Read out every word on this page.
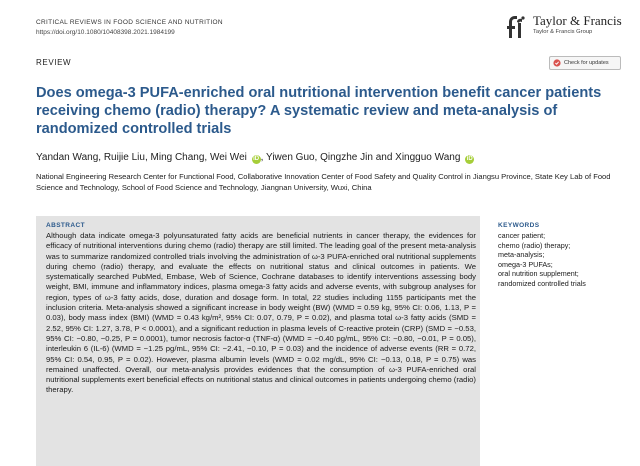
CRITICAL REVIEWS IN FOOD SCIENCE AND NUTRITION
https://doi.org/10.1080/10408398.2021.1984199
Taylor & Francis
Taylor & Francis Group
REVIEW	Check for updates
Does omega-3 PUFA-enriched oral nutritional intervention benefit cancer patients receiving chemo (radio) therapy? A systematic review and meta-analysis of randomized controlled trials
Yandan Wang, Ruijie Liu, Ming Chang, Wei Wei iD , Yiwen Guo, Qingzhe Jin and Xingguo Wang iD
National Engineering Research Center for Functional Food, Collaborative Innovation Center of Food Safety and Quality Control in Jiangsu Province, State Key Lab of Food Science and Technology, School of Food Science and Technology, Jiangnan University, Wuxi, China
ABSTRACT
Although data indicate omega-3 polyunsaturated fatty acids are beneficial nutrients in cancer therapy, the evidences for efficacy of nutritional interventions during chemo (radio) therapy are still limited. The leading goal of the present meta-analysis was to summarize randomized controlled trials involving the administration of ω-3 PUFA-enriched oral nutritional supplements during chemo (radio) therapy, and evaluate the effects on nutritional status and clinical outcomes in patients. We systematically searched PubMed, Embase, Web of Science, Cochrane databases to identify interventions assessing body weight, BMI, immune and inflammatory indices, plasma omega-3 fatty acids and adverse events, with subgroup analyses for region, types of ω-3 fatty acids, dose, duration and dosage form. In total, 22 studies including 1155 participants met the inclusion criteria. Meta-analysis showed a significant increase in body weight (BW) (WMD = 0.59 kg, 95% CI: 0.06, 1.13, P = 0.03), body mass index (BMI) (WMD = 0.43 kg/m², 95% CI: 0.07, 0.79, P = 0.02), and plasma total ω-3 fatty acids (SMD = 2.52, 95% CI: 1.27, 3.78, P < 0.0001), and a significant reduction in plasma levels of C-reactive protein (CRP) (SMD = −0.53, 95% CI: −0.80, −0.25, P = 0.0001), tumor necrosis factor-α (TNF-α) (WMD = −0.40 pg/mL, 95% CI: −0.80, −0.01, P = 0.05), interleukin 6 (IL-6) (WMD = −1.25 pg/mL, 95% CI: −2.41, −0.10, P = 0.03) and the incidence of adverse events (RR = 0.72, 95% CI: 0.54, 0.95, P = 0.02). However, plasma albumin levels (WMD = 0.02 mg/dL, 95% CI: −0.13, 0.18, P = 0.75) was remained unaffected. Overall, our meta-analysis provides evidences that the consumption of ω-3 PUFA-enriched oral nutritional supplements exert beneficial effects on nutritional status and clinical outcomes in patients undergoing chemo (radio) therapy.
KEYWORDS
cancer patient;
chemo (radio) therapy;
meta-analysis;
omega-3 PUFAs;
oral nutrition supplement;
randomized controlled trials
